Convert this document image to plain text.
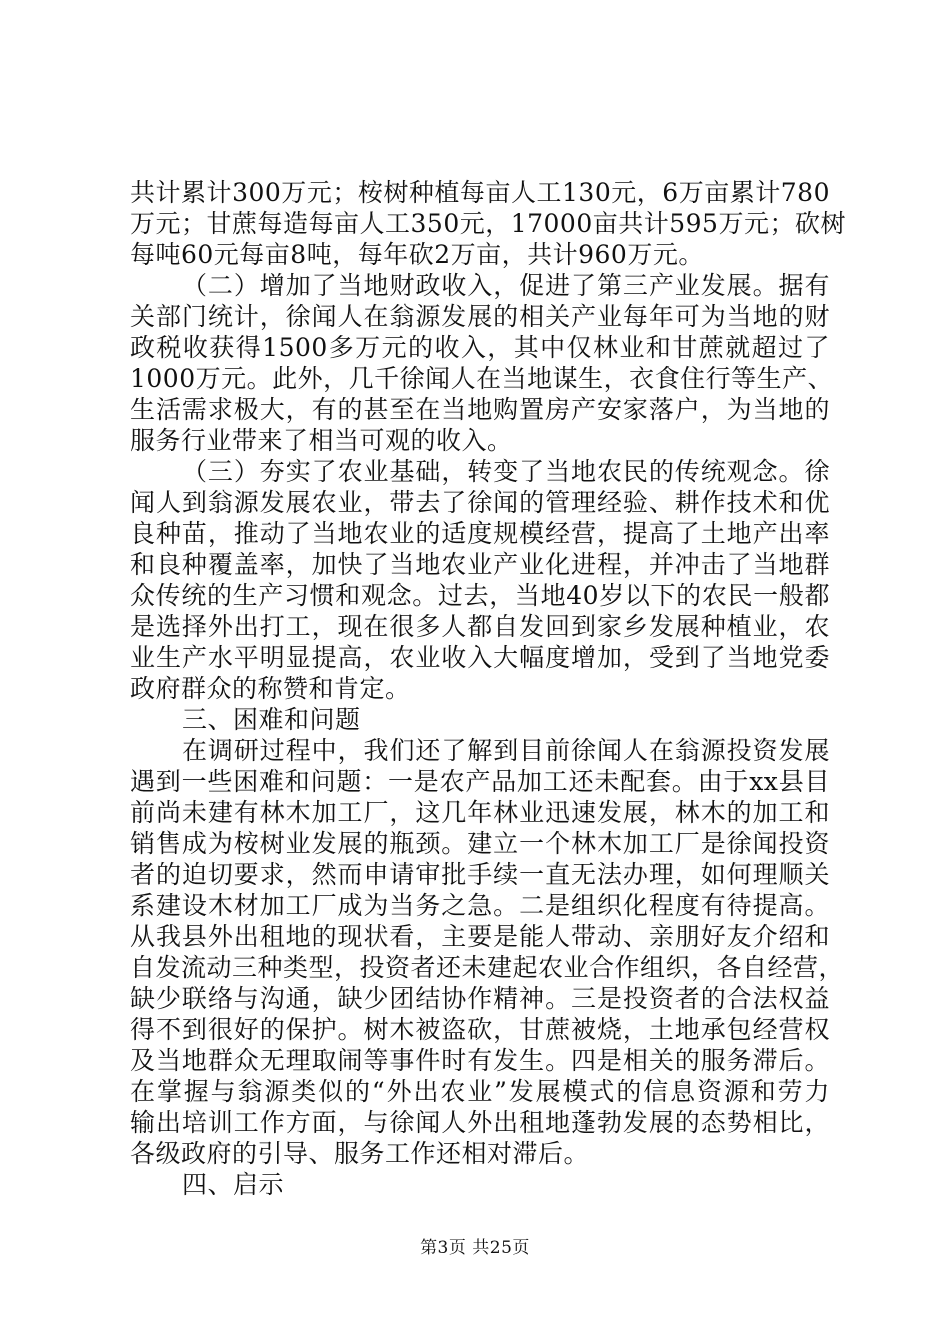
共计累计300万元；桉树种植每亩人工130元，6万亩累计780
万元；甘蔗每造每亩人工350元，17000亩共计595万元；砍树
每吨60元每亩8吨，每年砍2万亩，共计960万元。
（二）增加了当地财政收入，促进了第三产业发展。据有
关部门统计，徐闻人在翁源发展的相关产业每年可为当地的财
政税收获得1500多万元的收入，其中仅林业和甘蔗就超过了
1000万元。此外，几千徐闻人在当地谋生，衣食住行等生产、
生活需求极大，有的甚至在当地购置房产安家落户，为当地的
服务行业带来了相当可观的收入。
（三）夯实了农业基础，转变了当地农民的传统观念。徐
闻人到翁源发展农业，带去了徐闻的管理经验、耕作技术和优
良种苗，推动了当地农业的适度规模经营，提高了土地产出率
和良种覆盖率，加快了当地农业产业化进程，并冲击了当地群
众传统的生产习惯和观念。过去，当地40岁以下的农民一般都
是选择外出打工，现在很多人都自发回到家乡发展种植业，农
业生产水平明显提高，农业收入大幅度增加，受到了当地党委
政府群众的称赞和肯定。
三、困难和问题
在调研过程中，我们还了解到目前徐闻人在翁源投资发展
遇到一些困难和问题：一是农产品加工还未配套。由于xx县目
前尚未建有林木加工厂，这几年林业迅速发展，林木的加工和
销售成为桉树业发展的瓶颈。建立一个林木加工厂是徐闻投资
者的迫切要求，然而申请审批手续一直无法办理，如何理顺关
系建设木材加工厂成为当务之急。二是组织化程度有待提高。
从我县外出租地的现状看，主要是能人带动、亲朋好友介绍和
自发流动三种类型，投资者还未建起农业合作组织，各自经营，
缺少联络与沟通，缺少团结协作精神。三是投资者的合法权益
得不到很好的保护。树木被盗砍，甘蔗被烧，土地承包经营权
及当地群众无理取闹等事件时有发生。四是相关的服务滞后。
在掌握与翁源类似的“外出农业”发展模式的信息资源和劳力
输出培训工作方面，与徐闻人外出租地蓬勃发展的态势相比，
各级政府的引导、服务工作还相对滞后。
四、启示
第3页 共25页
